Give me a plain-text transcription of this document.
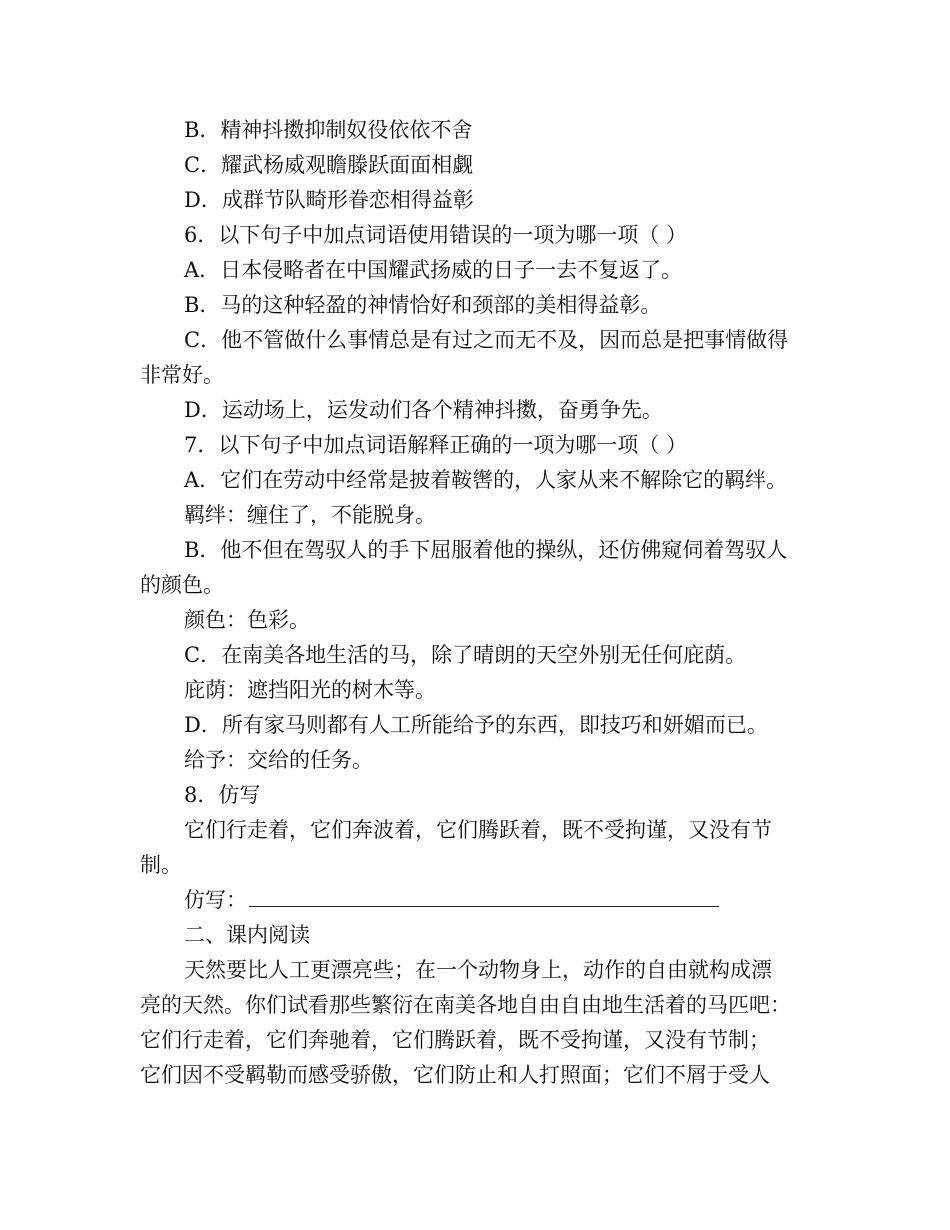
B．精神抖擞抑制奴役依依不舍

C．耀武杨威观瞻滕跃面面相觑

D．成群节队畸形眷恋相得益彰

6．以下句子中加点词语使用错误的一项为哪一项（ ）

A．日本侵略者在中国耀武扬威的日子一去不复返了。

B．马的这种轻盈的神情恰好和颈部的美相得益彰。

C．他不管做什么事情总是有过之而无不及，因而总是把事情做得

非常好。

D．运动场上，运发动们各个精神抖擞，奋勇争先。

7．以下句子中加点词语解释正确的一项为哪一项（ ）

A．它们在劳动中经常是披着鞍辔的，人家从来不解除它的羁绊。

羁绊：缠住了，不能脱身。

B．他不但在驾驭人的手下屈服着他的操纵，还仿佛窥伺着驾驭人

的颜色。

颜色：色彩。

C．在南美各地生活的马，除了晴朗的天空外别无任何庇荫。

庇荫：遮挡阳光的树木等。

D．所有家马则都有人工所能给予的东西，即技巧和妍媚而已。

给予：交给的任务。

8．仿写

它们行走着，它们奔波着，它们腾跃着，既不受拘谨，又没有节

制。

仿写：

二、课内阅读

天然要比人工更漂亮些；在一个动物身上，动作的自由就构成漂

亮的天然。你们试看那些繁衍在南美各地自由自由地生活着的马匹吧：

它们行走着，它们奔驰着，它们腾跃着，既不受拘谨，又没有节制；

它们因不受羁勒而感受骄傲，它们防止和人打照面；它们不屑于受人
